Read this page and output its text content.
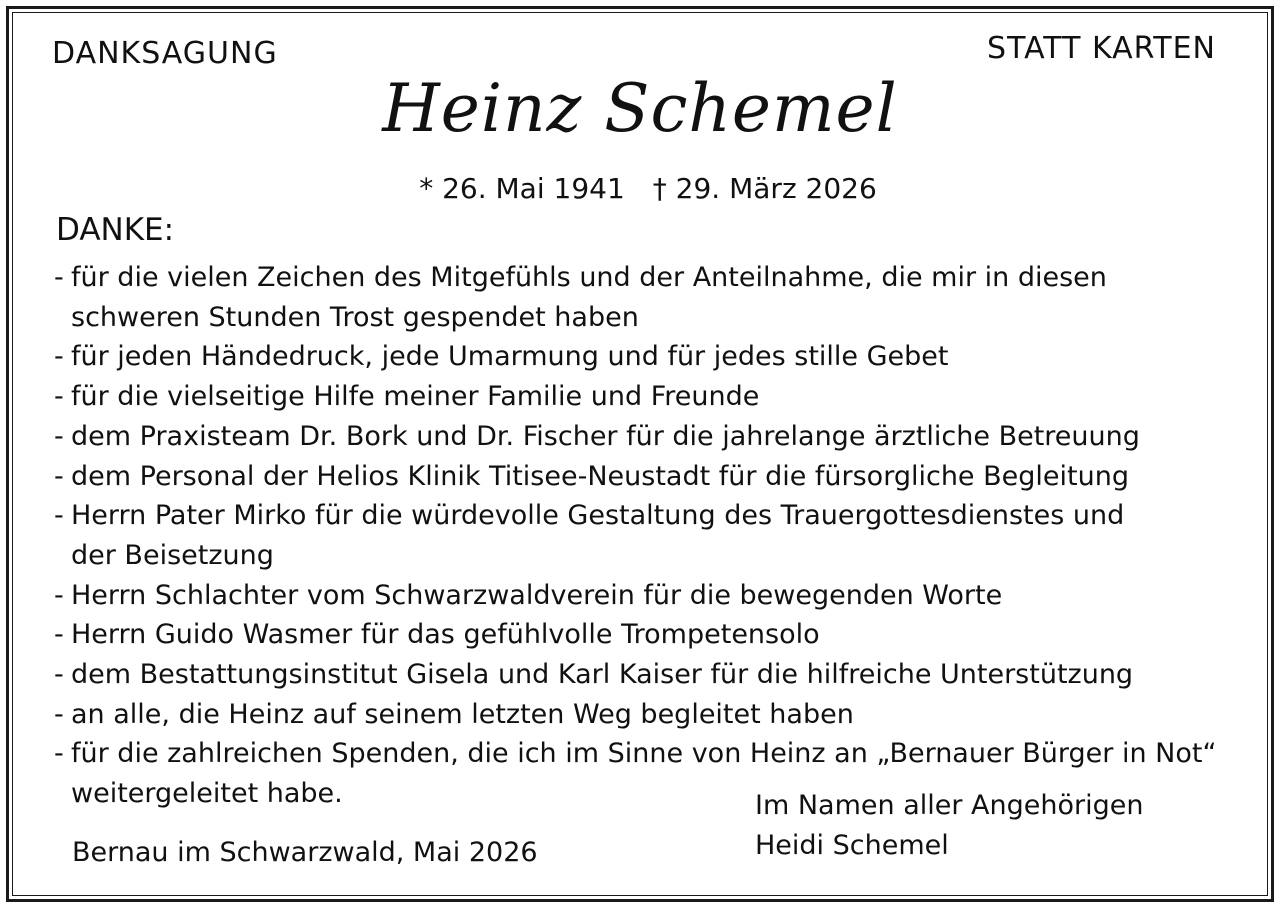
DANKSAGUNG	STATT KARTEN
Heinz Schemel
* 26. Mai 1941 † 29. März 2026
DANKE:
- für die vielen Zeichen des Mitgefühls und der Anteilnahme, die mir in diesen
schweren Stunden Trost gespendet haben
- für jeden Händedruck, jede Umarmung und für jedes stille Gebet
- für die vielseitige Hilfe meiner Familie und Freunde
- dem Praxisteam Dr. Bork und Dr. Fischer für die jahrelange ärztliche Betreuung
- dem Personal der Helios Klinik Titisee-Neustadt für die fürsorgliche Begleitung
- Herrn Pater Mirko für die würdevolle Gestaltung des Trauergottesdienstes und
der Beisetzung
- Herrn Schlachter vom Schwarzwaldverein für die bewegenden Worte
- Herrn Guido Wasmer für das gefühlvolle Trompetensolo
- dem Bestattungsinstitut Gisela und Karl Kaiser für die hilfreiche Unterstützung
- an alle, die Heinz auf seinem letzten Weg begleitet haben
- für die zahlreichen Spenden, die ich im Sinne von Heinz an „Bernauer Bürger in Not“
weitergeleitet habe.
Bernau im Schwarzwald, Mai 2026
Im Namen aller Angehörigen
Heidi Schemel
